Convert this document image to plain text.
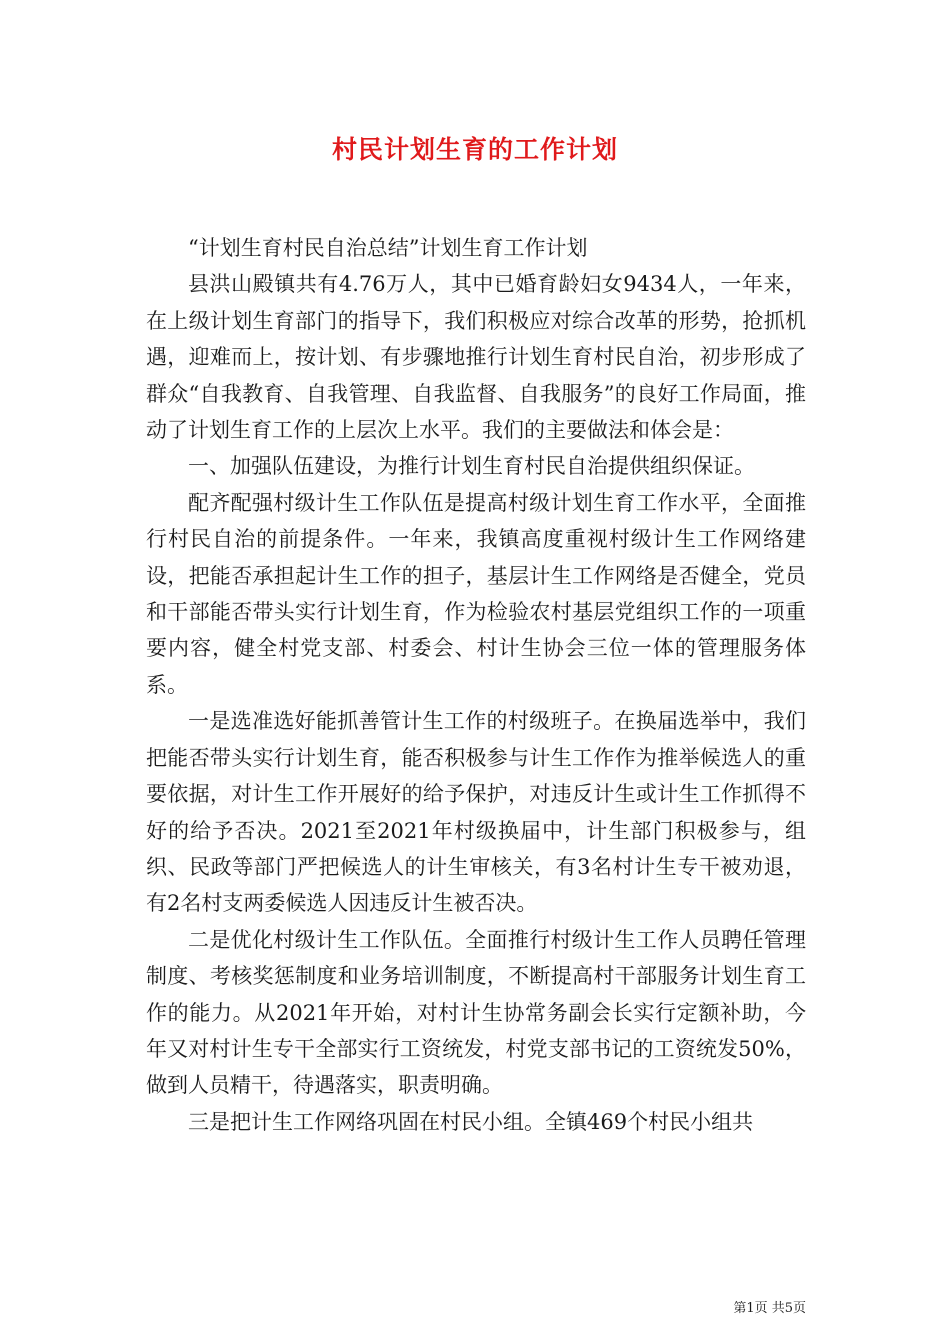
村民计划生育的工作计划

“计划生育村民自治总结”计划生育工作计划

县洪山殿镇共有4.76万人，其中已婚育龄妇女9434人，一年来，在上级计划生育部门的指导下，我们积极应对综合改革的形势，抢抓机遇，迎难而上，按计划、有步骤地推行计划生育村民自治，初步形成了群众“自我教育、自我管理、自我监督、自我服务”的良好工作局面，推动了计划生育工作的上层次上水平。我们的主要做法和体会是：

一、加强队伍建设，为推行计划生育村民自治提供组织保证。

配齐配强村级计生工作队伍是提高村级计划生育工作水平，全面推行村民自治的前提条件。一年来，我镇高度重视村级计生工作网络建设，把能否承担起计生工作的担子，基层计生工作网络是否健全，党员和干部能否带头实行计划生育，作为检验农村基层党组织工作的一项重要内容，健全村党支部、村委会、村计生协会三位一体的管理服务体系。

一是选准选好能抓善管计生工作的村级班子。在换届选举中，我们把能否带头实行计划生育，能否积极参与计生工作作为推举候选人的重要依据，对计生工作开展好的给予保护，对违反计生或计生工作抓得不好的给予否决。2021至2021年村级换届中，计生部门积极参与，组织、民政等部门严把候选人的计生审核关，有3名村计生专干被劝退，有2名村支两委候选人因违反计生被否决。

二是优化村级计生工作队伍。全面推行村级计生工作人员聘任管理制度、考核奖惩制度和业务培训制度，不断提高村干部服务计划生育工作的能力。从2021年开始，对村计生协常务副会长实行定额补助，今年又对村计生专干全部实行工资统发，村党支部书记的工资统发50%，做到人员精干，待遇落实，职责明确。

三是把计生工作网络巩固在村民小组。全镇469个村民小组共

第1页 共5页
